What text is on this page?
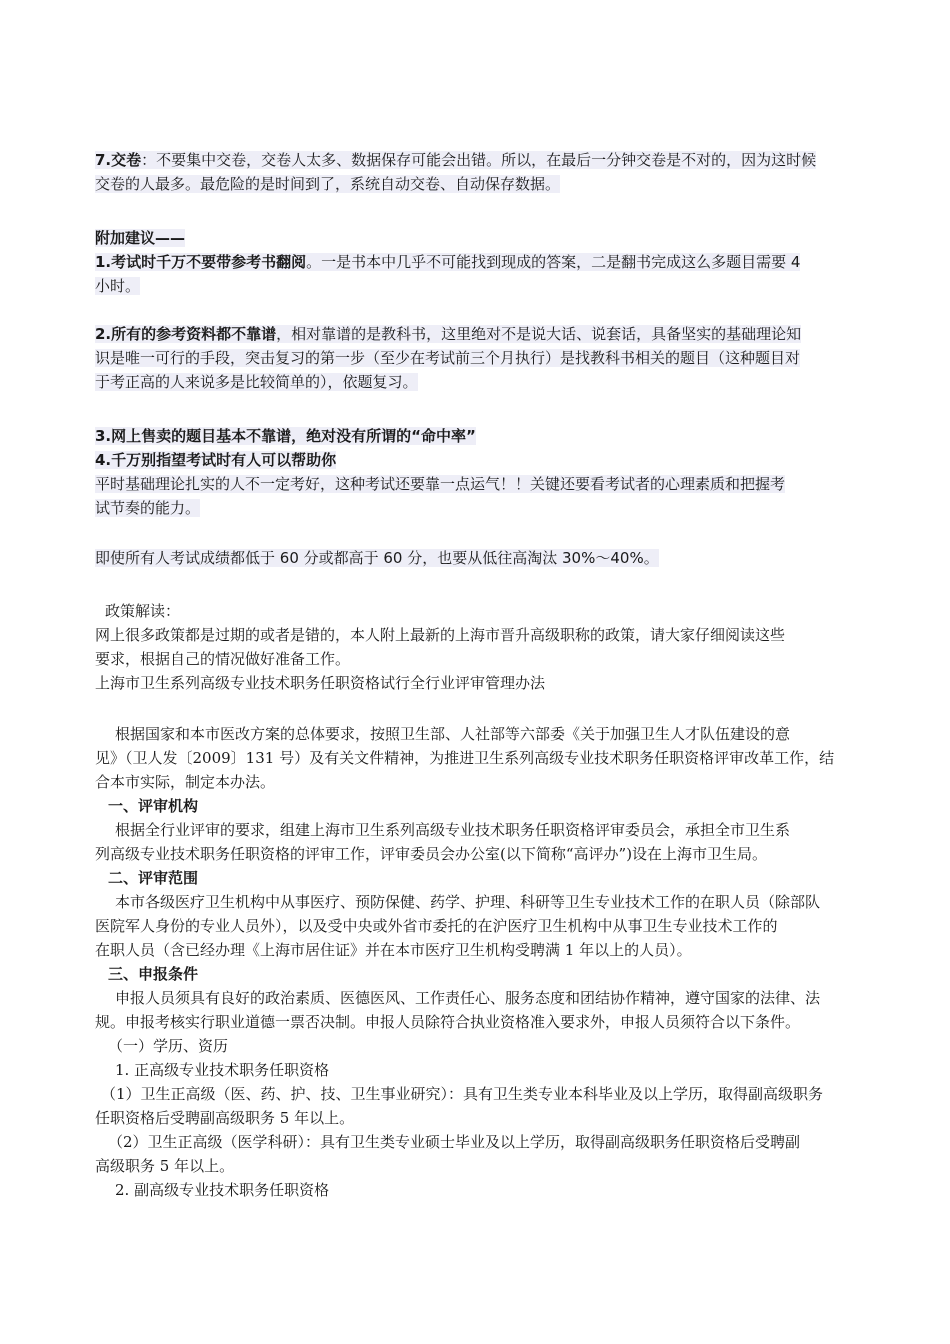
7.交卷：不要集中交卷，交卷人太多、数据保存可能会出错。所以，在最后一分钟交卷是不对的，因为这时候

交卷的人最多。最危险的是时间到了，系统自动交卷、自动保存数据。

附加建议——

1.考试时千万不要带参考书翻阅。一是书本中几乎不可能找到现成的答案，二是翻书完成这么多题目需要 4

小时。

2.所有的参考资料都不靠谱，相对靠谱的是教科书，这里绝对不是说大话、说套话，具备坚实的基础理论知

识是唯一可行的手段，突击复习的第一步（至少在考试前三个月执行）是找教科书相关的题目（这种题目对

于考正高的人来说多是比较简单的），依题复习。

3.网上售卖的题目基本不靠谱，绝对没有所谓的“命中率”

4.千万别指望考试时有人可以帮助你

平时基础理论扎实的人不一定考好，这种考试还要靠一点运气！！关键还要看考试者的心理素质和把握考

试节奏的能力。

即使所有人考试成绩都低于 60 分或都高于 60 分，也要从低往高淘汰 30%～40%。

政策解读：

网上很多政策都是过期的或者是错的，本人附上最新的上海市晋升高级职称的政策，请大家仔细阅读这些

要求，根据自己的情况做好准备工作。

上海市卫生系列高级专业技术职务任职资格试行全行业评审管理办法

根据国家和本市医改方案的总体要求，按照卫生部、人社部等六部委《关于加强卫生人才队伍建设的意

见》（卫人发〔2009〕131 号）及有关文件精神，为推进卫生系列高级专业技术职务任职资格评审改革工作，结

合本市实际，制定本办法。

一、评审机构

根据全行业评审的要求，组建上海市卫生系列高级专业技术职务任职资格评审委员会，承担全市卫生系

列高级专业技术职务任职资格的评审工作，评审委员会办公室(以下简称“高评办”)设在上海市卫生局。

二、评审范围

本市各级医疗卫生机构中从事医疗、预防保健、药学、护理、科研等卫生专业技术工作的在职人员（除部队

医院军人身份的专业人员外），以及受中央或外省市委托的在沪医疗卫生机构中从事卫生专业技术工作的

在职人员（含已经办理《上海市居住证》并在本市医疗卫生机构受聘满 1 年以上的人员）。

三、申报条件

申报人员须具有良好的政治素质、医德医风、工作责任心、服务态度和团结协作精神，遵守国家的法律、法

规。申报考核实行职业道德一票否决制。申报人员除符合执业资格准入要求外，申报人员须符合以下条件。

（一）学历、资历

1. 正高级专业技术职务任职资格

（1）卫生正高级（医、药、护、技、卫生事业研究）：具有卫生类专业本科毕业及以上学历，取得副高级职务

任职资格后受聘副高级职务 5 年以上。

（2）卫生正高级（医学科研）：具有卫生类专业硕士毕业及以上学历，取得副高级职务任职资格后受聘副

高级职务 5 年以上。

2. 副高级专业技术职务任职资格
